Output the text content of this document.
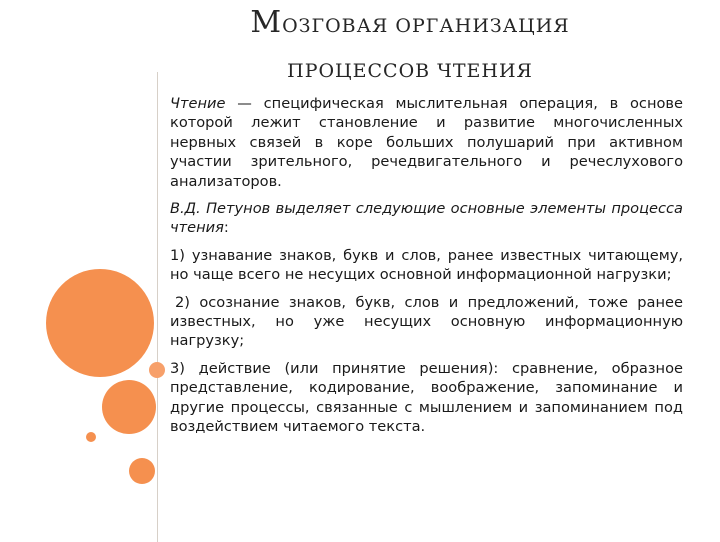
МОЗГОВАЯ ОРГАНИЗАЦИЯ
ПРОЦЕССОВ ЧТЕНИЯ

Чтение — специфическая мыслительная операция, в основе которой лежит становление и развитие многочисленных нервных связей в коре больших полушарий при активном участии зрительного, речедвигательного и речеслухового анализаторов.

В.Д. Петунов выделяет следующие основные элементы процесса чтения:

1) узнавание знаков, букв и слов, ранее известных читающему, но чаще всего не несущих основной информационной нагрузки;

2) осознание знаков, букв, слов и предложений, тоже ранее известных, но уже несущих основную информационную нагрузку;

3) действие (или принятие решения): сравнение, образное представление, кодирование, воображение, запоминание и другие процессы, связанные с мышлением и запоминанием под воздействием читаемого текста.
